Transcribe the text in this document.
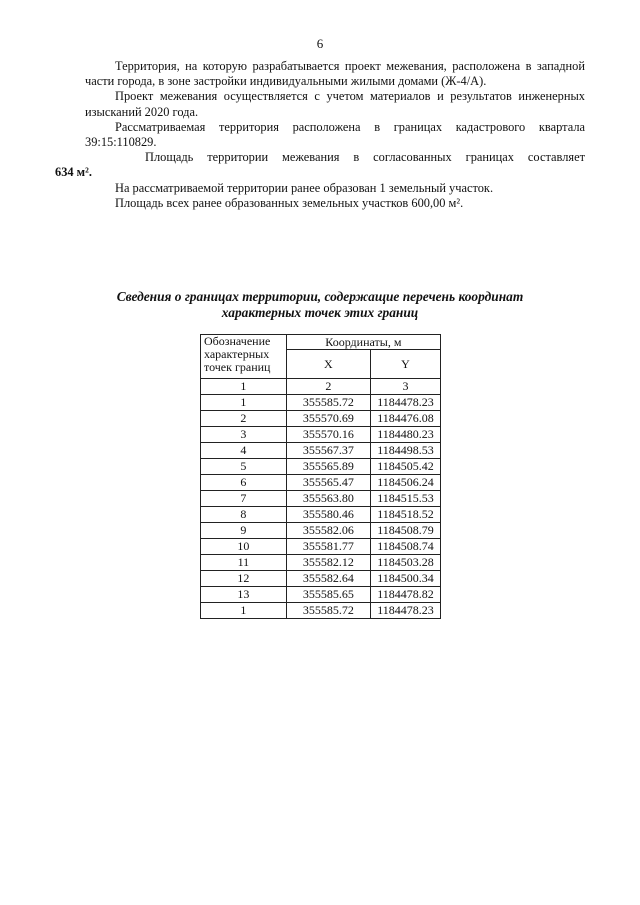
6

Территория, на которую разрабатывается проект межевания, расположена в западной части города, в зоне застройки индивидуальными жилыми домами (Ж-4/А).

Проект межевания осуществляется с учетом материалов и результатов инженерных изысканий 2020 года.

Рассматриваемая территория расположена в границах кадастрового квартала 39:15:110829.

Площадь территории межевания в согласованных границах составляет
634 м².

На рассматриваемой территории ранее образован 1 земельный участок.

Площадь всех ранее образованных земельных участков 600,00 м².

Сведения о границах территории, содержащие перечень координат
характерных точек этих границ
Обозначение характерных точек границ	Координаты, м	
	X	Y
1	2	3
1	355585.72	1184478.23
2	355570.69	1184476.08
3	355570.16	1184480.23
4	355567.37	1184498.53
5	355565.89	1184505.42
6	355565.47	1184506.24
7	355563.80	1184515.53
8	355580.46	1184518.52
9	355582.06	1184508.79
10	355581.77	1184508.74
11	355582.12	1184503.28
12	355582.64	1184500.34
13	355585.65	1184478.82
1	355585.72	1184478.23
